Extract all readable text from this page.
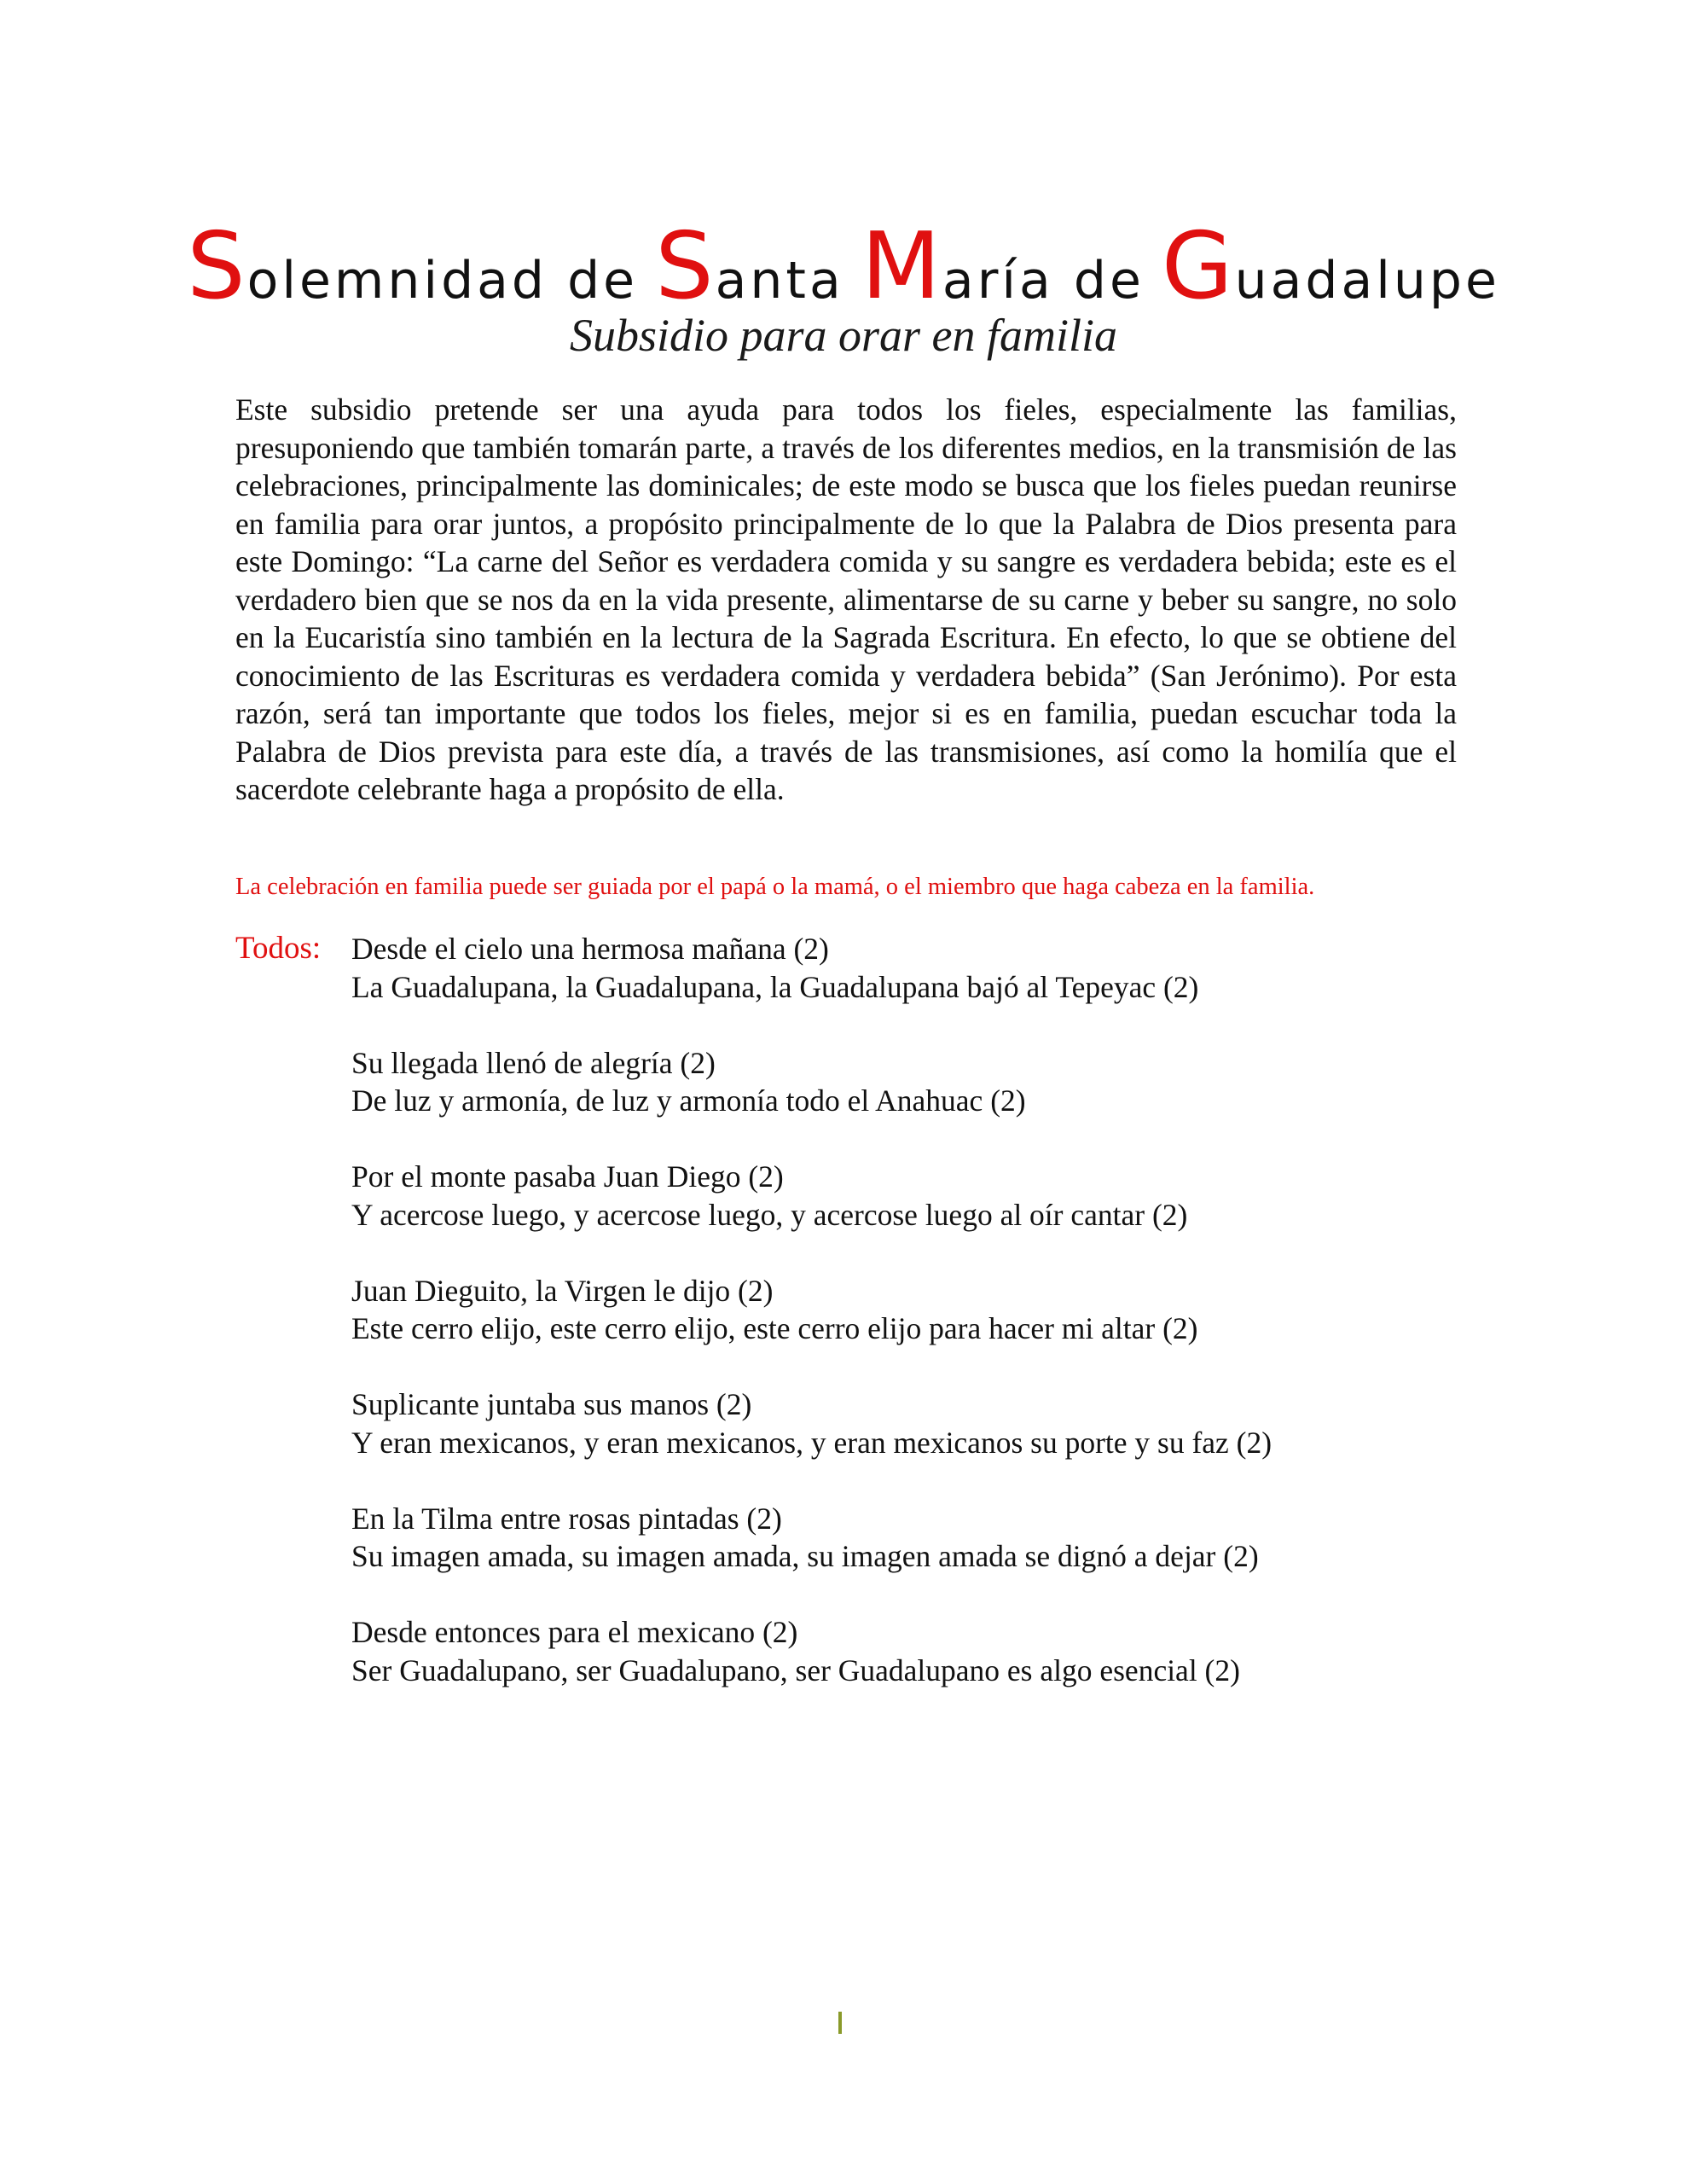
Solemnidad de Santa María de Guadalupe
Subsidio para orar en familia

Este subsidio pretende ser una ayuda para todos los fieles, especialmente las familias, presuponiendo que también tomarán parte, a través de los diferentes medios, en la transmisión de las celebraciones, principalmente las dominicales; de este modo se busca que los fieles puedan reunirse en familia para orar juntos, a propósito principalmente de lo que la Palabra de Dios presenta para este Domingo: “La carne del Señor es verdadera comida y su sangre es verdadera bebida; este es el verdadero bien que se nos da en la vida presente, alimentarse de su carne y beber su sangre, no solo en la Eucaristía sino también en la lectura de la Sagrada Escritura. En efecto, lo que se obtiene del conocimiento de las Escrituras es verdadera comida y verdadera bebida” (San Jerónimo). Por esta razón, será tan importante que todos los fieles, mejor si es en familia, puedan escuchar toda la Palabra de Dios prevista para este día, a través de las transmisiones, así como la homilía que el sacerdote celebrante haga a propósito de ella.

La celebración en familia puede ser guiada por el papá o la mamá, o el miembro que haga cabeza en la familia.

Todos: Desde el cielo una hermosa mañana (2)
La Guadalupana, la Guadalupana, la Guadalupana bajó al Tepeyac (2)
Su llegada llenó de alegría (2)
De luz y armonía, de luz y armonía todo el Anahuac (2)
Por el monte pasaba Juan Diego (2)
Y acercose luego, y acercose luego, y acercose luego al oír cantar (2)
Juan Dieguito, la Virgen le dijo (2)
Este cerro elijo, este cerro elijo, este cerro elijo para hacer mi altar (2)
Suplicante juntaba sus manos (2)
Y eran mexicanos, y eran mexicanos, y eran mexicanos su porte y su faz (2)
En la Tilma entre rosas pintadas (2)
Su imagen amada, su imagen amada, su imagen amada se dignó a dejar (2)
Desde entonces para el mexicano (2)
Ser Guadalupano, ser Guadalupano, ser Guadalupano es algo esencial (2)
